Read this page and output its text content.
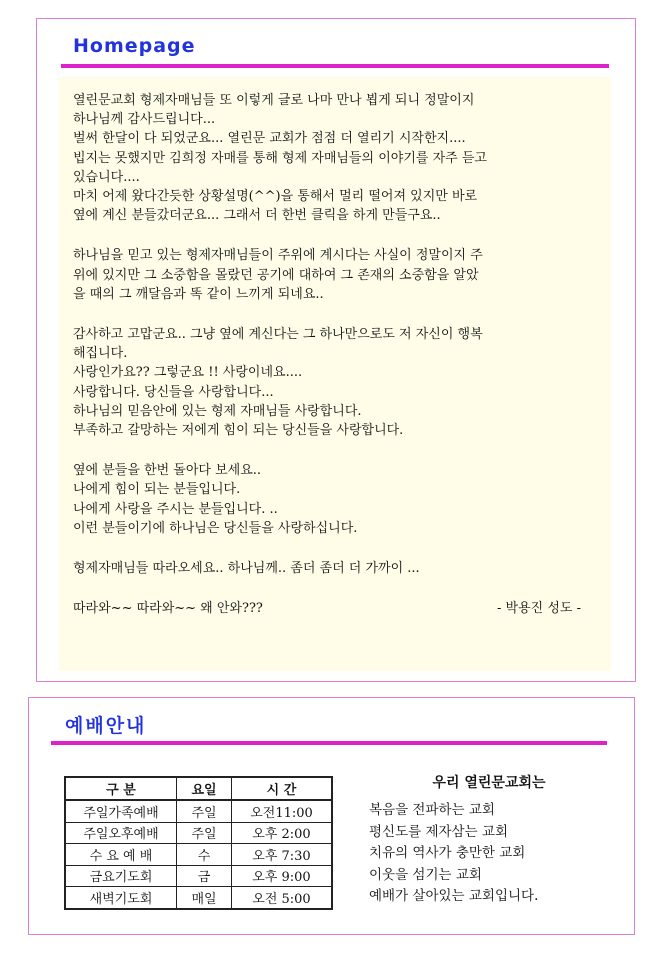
Homepage

열린문교회 형제자매님들 또 이렇게 글로 나마 만나 뵙게 되니 정말이지

하나님께 감사드립니다...

벌써 한달이 다 되었군요... 열린문 교회가 점점 더 열리기 시작한지....

빕지는 못했지만 김희정 자매를 통해 형제 자매님들의 이야기를 자주 듣고

있습니다....

마치 어제 왔다간듯한 상황설명(^^)을 통해서 멀리 떨어져 있지만 바로

옆에 계신 분들갔더군요... 그래서 더 한번 클릭을 하게 만들구요..

하나님을 믿고 있는 형제자매님들이 주위에 계시다는 사실이 정말이지 주

위에 있지만 그 소중함을 몰랐던 공기에 대하여 그 존재의 소중함을 알았

을 때의 그 깨달음과 똑 같이 느끼게 되네요..

감사하고 고맙군요.. 그냥 옆에 계신다는 그 하나만으로도 저 자신이 행복

해집니다.

사랑인가요?? 그렇군요 !! 사랑이네요....

사랑합니다. 당신들을 사랑합니다...

하나님의 믿음안에 있는 형제 자매님들 사랑합니다.

부족하고 갈망하는 저에게 힘이 되는 당신들을 사랑합니다.

옆에 분들을 한번 돌아다 보세요..

나에게 힘이 되는 분들입니다.

나에게 사랑을 주시는 분들입니다. ..

이런 분들이기에 하나님은 당신들을 사랑하십니다.

형제자매님들 따라오세요.. 하나님께.. 좀더 좀더 더 가까이 ...

따라와~~ 따라와~~ 왜 안와???	- 박용진 성도 -

예배안내
구 분	요일	시 간
주일가족예배	주일	오전11:00
주일오후예배	주일	오후 2:00
수 요 예 배	수	오후 7:30
금요기도회	금	오후 9:00
새벽기도회	매일	오전 5:00

우리 열린문교회는

복음을 전파하는 교회

평신도를 제자삼는 교회

치유의 역사가 충만한 교회

이웃을 섬기는 교회

예배가 살아있는 교회입니다.
